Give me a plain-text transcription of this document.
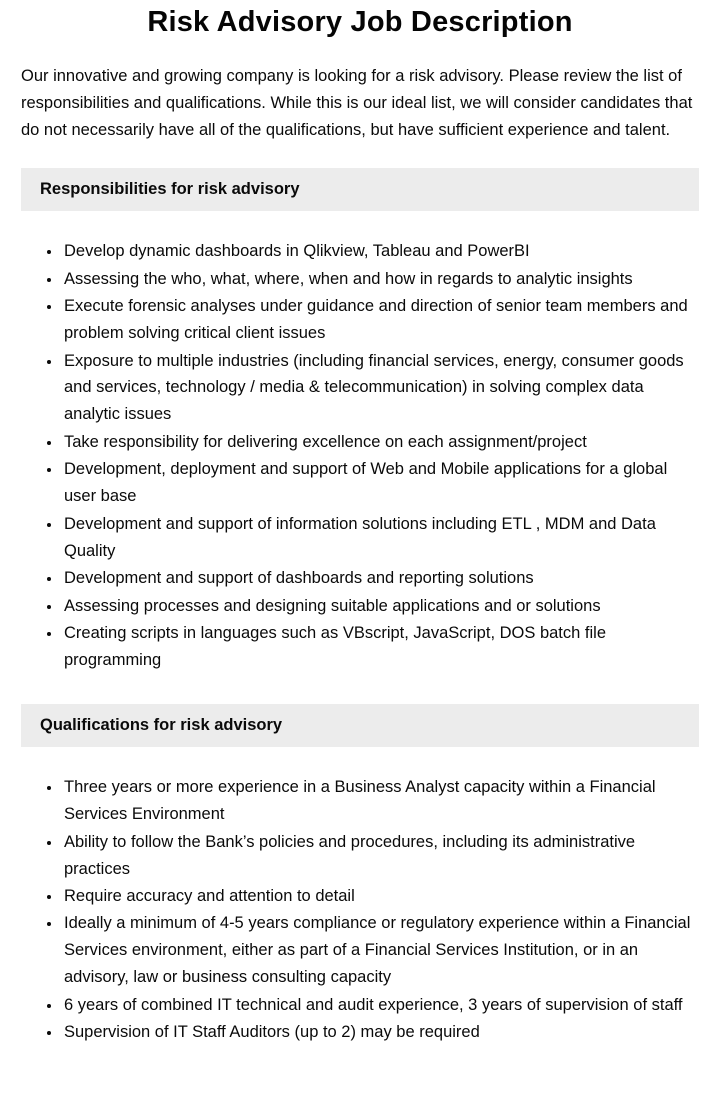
Risk Advisory Job Description

Our innovative and growing company is looking for a risk advisory. Please review the list of responsibilities and qualifications. While this is our ideal list, we will consider candidates that do not necessarily have all of the qualifications, but have sufficient experience and talent.

Responsibilities for risk advisory
• Develop dynamic dashboards in Qlikview, Tableau and PowerBI
• Assessing the who, what, where, when and how in regards to analytic insights
• Execute forensic analyses under guidance and direction of senior team members and problem solving critical client issues
• Exposure to multiple industries (including financial services, energy, consumer goods and services, technology / media & telecommunication) in solving complex data analytic issues
• Take responsibility for delivering excellence on each assignment/project
• Development, deployment and support of Web and Mobile applications for a global user base
• Development and support of information solutions including ETL , MDM and Data Quality
• Development and support of dashboards and reporting solutions
• Assessing processes and designing suitable applications and or solutions
• Creating scripts in languages such as VBscript, JavaScript, DOS batch file programming
Qualifications for risk advisory
• Three years or more experience in a Business Analyst capacity within a Financial Services Environment
• Ability to follow the Bank’s policies and procedures, including its administrative practices
• Require accuracy and attention to detail
• Ideally a minimum of 4-5 years compliance or regulatory experience within a Financial Services environment, either as part of a Financial Services Institution, or in an advisory, law or business consulting capacity
• 6 years of combined IT technical and audit experience, 3 years of supervision of staff
• Supervision of IT Staff Auditors (up to 2) may be required
